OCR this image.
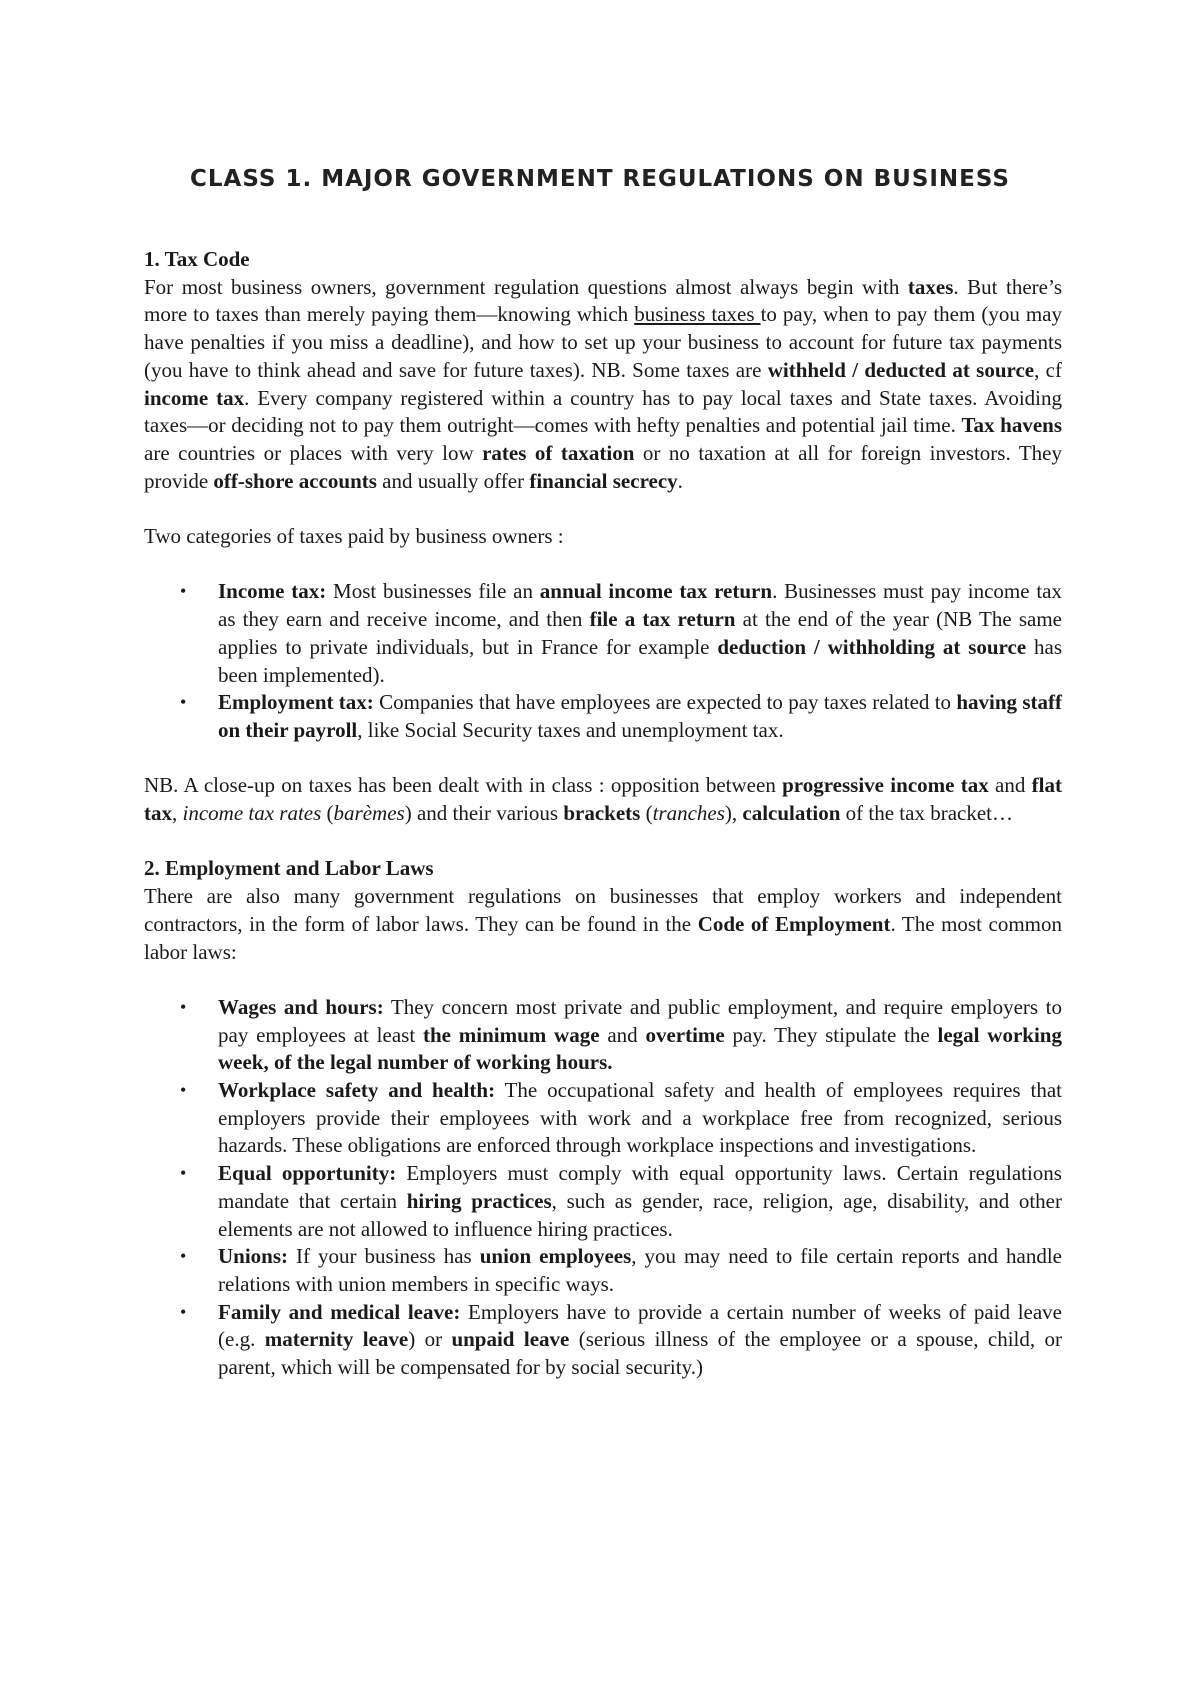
CLASS 1. MAJOR GOVERNMENT REGULATIONS ON BUSINESS
1. Tax Code

For most business owners, government regulation questions almost always begin with taxes. But there’s more to taxes than merely paying them—knowing which business taxes to pay, when to pay them (you may have penalties if you miss a deadline), and how to set up your business to account for future tax payments (you have to think ahead and save for future taxes). NB. Some taxes are withheld / deducted at source, cf income tax. Every company registered within a country has to pay local taxes and State taxes. Avoiding taxes—or deciding not to pay them outright—comes with hefty penalties and potential jail time. Tax havens are countries or places with very low rates of taxation or no taxation at all for foreign investors. They provide off-shore accounts and usually offer financial secrecy.

Two categories of taxes paid by business owners :

• Income tax: Most businesses file an annual income tax return. Businesses must pay income tax as they earn and receive income, and then file a tax return at the end of the year (NB The same applies to private individuals, but in France for example deduction / withholding at source has been implemented).
• Employment tax: Companies that have employees are expected to pay taxes related to having staff on their payroll, like Social Security taxes and unemployment tax.

NB. A close-up on taxes has been dealt with in class : opposition between progressive income tax and flat tax, income tax rates (barèmes) and their various brackets (tranches), calculation of the tax bracket…

2. Employment and Labor Laws

There are also many government regulations on businesses that employ workers and independent contractors, in the form of labor laws. They can be found in the Code of Employment. The most common labor laws:

• Wages and hours: They concern most private and public employment, and require employers to pay employees at least the minimum wage and overtime pay. They stipulate the legal working week, of the legal number of working hours.
• Workplace safety and health: The occupational safety and health of employees requires that employers provide their employees with work and a workplace free from recognized, serious hazards. These obligations are enforced through workplace inspections and investigations.
• Equal opportunity: Employers must comply with equal opportunity laws. Certain regulations mandate that certain hiring practices, such as gender, race, religion, age, disability, and other elements are not allowed to influence hiring practices.
• Unions: If your business has union employees, you may need to file certain reports and handle relations with union members in specific ways.
• Family and medical leave: Employers have to provide a certain number of weeks of paid leave (e.g. maternity leave) or unpaid leave (serious illness of the employee or a spouse, child, or parent, which will be compensated for by social security.)
